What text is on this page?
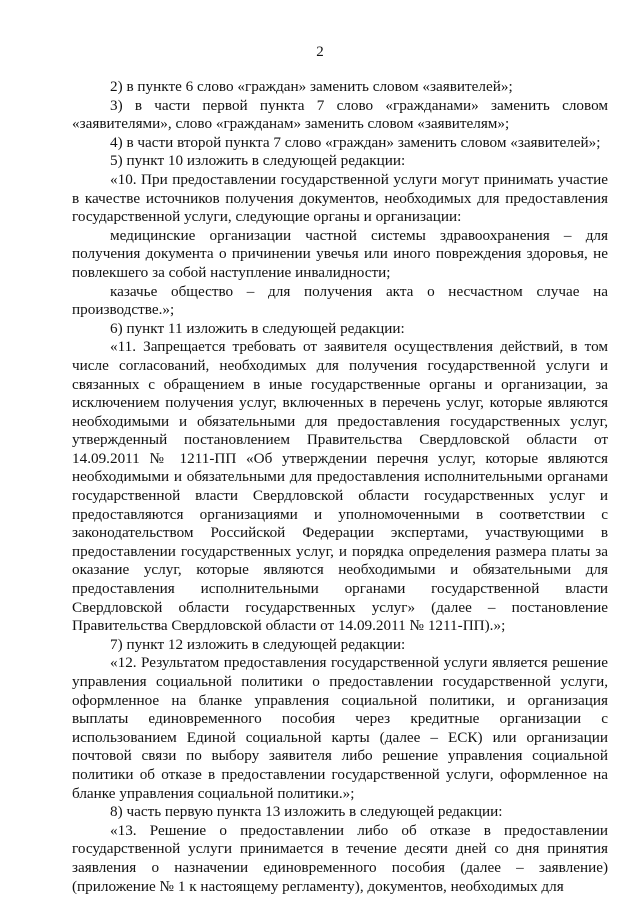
2

2) в пункте 6 слово «граждан» заменить словом «заявителей»;

3) в части первой пункта 7 слово «гражданами» заменить словом «заявителями», слово «гражданам» заменить словом «заявителям»;

4) в части второй пункта 7 слово «граждан» заменить словом «заявителей»;

5) пункт 10 изложить в следующей редакции:

«10. При предоставлении государственной услуги могут принимать участие в качестве источников получения документов, необходимых для предоставления государственной услуги, следующие органы и организации:

медицинские организации частной системы здравоохранения – для получения документа о причинении увечья или иного повреждения здоровья, не повлекшего за собой наступление инвалидности;

казачье общество – для получения акта о несчастном случае на производстве.»;

6) пункт 11 изложить в следующей редакции:

«11. Запрещается требовать от заявителя осуществления действий, в том числе согласований, необходимых для получения государственной услуги и связанных с обращением в иные государственные органы и организации, за исключением получения услуг, включенных в перечень услуг, которые являются необходимыми и обязательными для предоставления государственных услуг, утвержденный постановлением Правительства Свердловской области от 14.09.2011 № 1211-ПП «Об утверждении перечня услуг, которые являются необходимыми и обязательными для предоставления исполнительными органами государственной власти Свердловской области государственных услуг и предоставляются организациями и уполномоченными в соответствии с законодательством Российской Федерации экспертами, участвующими в предоставлении государственных услуг, и порядка определения размера платы за оказание услуг, которые являются необходимыми и обязательными для предоставления исполнительными органами государственной власти Свердловской области государственных услуг» (далее – постановление Правительства Свердловской области от 14.09.2011 № 1211-ПП).»;

7) пункт 12 изложить в следующей редакции:

«12. Результатом предоставления государственной услуги является решение управления социальной политики о предоставлении государственной услуги, оформленное на бланке управления социальной политики, и организация выплаты единовременного пособия через кредитные организации с использованием Единой социальной карты (далее – ЕСК) или организации почтовой связи по выбору заявителя либо решение управления социальной политики об отказе в предоставлении государственной услуги, оформленное на бланке управления социальной политики.»;

8) часть первую пункта 13 изложить в следующей редакции:

«13. Решение о предоставлении либо об отказе в предоставлении государственной услуги принимается в течение десяти дней со дня принятия заявления о назначении единовременного пособия (далее – заявление) (приложение № 1 к настоящему регламенту), документов, необходимых для
